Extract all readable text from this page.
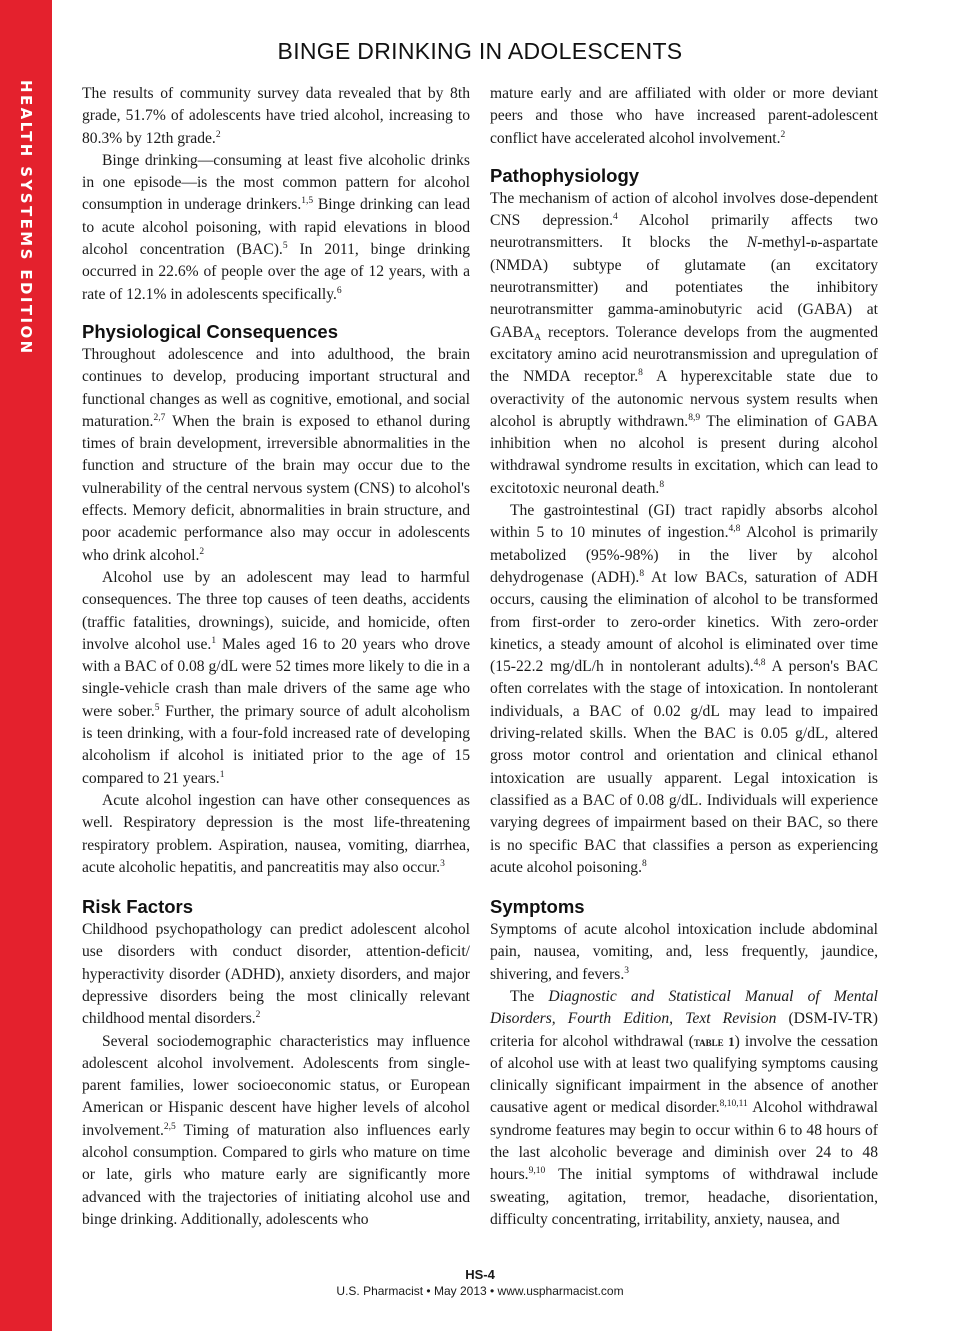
HEALTH SYSTEMS EDITION
BINGE DRINKING IN ADOLESCENTS

The results of community survey data revealed that by 8th grade, 51.7% of adolescents have tried alcohol, increasing to 80.3% by 12th grade.$^2$

Binge drinking—consuming at least five alcoholic drinks in one episode—is the most common pattern for alcohol consumption in underage drinkers.$^{1,5}$ Binge drinking can lead to acute alcohol poisoning, with rapid elevations in blood alcohol concentration (BAC).$^5$ In 2011, binge drinking occurred in 22.6% of people over the age of 12 years, with a rate of 12.1% in adolescents specifically.$^6$

Physiological Consequences

Throughout adolescence and into adulthood, the brain continues to develop, producing important structural and functional changes as well as cognitive, emotional, and social maturation.$^{2,7}$ When the brain is exposed to ethanol during times of brain development, irreversible abnormalities in the function and structure of the brain may occur due to the vulnerability of the central nervous system (CNS) to alcohol's effects. Memory deficit, abnormalities in brain structure, and poor academic performance also may occur in adolescents who drink alcohol.$^2$

Alcohol use by an adolescent may lead to harmful consequences. The three top causes of teen deaths, accidents (traffic fatalities, drownings), suicide, and homicide, often involve alcohol use.$^1$ Males aged 16 to 20 years who drove with a BAC of 0.08 g/dL were 52 times more likely to die in a single-vehicle crash than male drivers of the same age who were sober.$^5$ Further, the primary source of adult alcoholism is teen drinking, with a four-fold increased rate of developing alcoholism if alcohol is initiated prior to the age of 15 compared to 21 years.$^1$

Acute alcohol ingestion can have other consequences as well. Respiratory depression is the most life-threatening respiratory problem. Aspiration, nausea, vomiting, diarrhea, acute alcoholic hepatitis, and pancreatitis may also occur.$^3$

Risk Factors

Childhood psychopathology can predict adolescent alcohol use disorders with conduct disorder, attention-deficit/ hyperactivity disorder (ADHD), anxiety disorders, and major depressive disorders being the most clinically relevant childhood mental disorders.$^2$

Several sociodemographic characteristics may influence adolescent alcohol involvement. Adolescents from single-parent families, lower socioeconomic status, or European American or Hispanic descent have higher levels of alcohol involvement.$^{2,5}$ Timing of maturation also influences early alcohol consumption. Compared to girls who mature on time or late, girls who mature early are significantly more advanced with the trajectories of initiating alcohol use and binge drinking. Additionally, adolescents who

mature early and are affiliated with older or more deviant peers and those who have increased parent-adolescent conflict have accelerated alcohol involvement.$^2$

Pathophysiology

The mechanism of action of alcohol involves dose-dependent CNS depression.$^4$ Alcohol primarily affects two neurotransmitters. It blocks the N-methyl-d-aspartate (NMDA) subtype of glutamate (an excitatory neurotransmitter) and potentiates the inhibitory neurotransmitter gamma-aminobutyric acid (GABA) at $GABA_A$ receptors. Tolerance develops from the augmented excitatory amino acid neurotransmission and upregulation of the NMDA receptor.$^8$ A hyperexcitable state due to overactivity of the autonomic nervous system results when alcohol is abruptly withdrawn.$^{8,9}$ The elimination of GABA inhibition when no alcohol is present during alcohol withdrawal syndrome results in excitation, which can lead to excitotoxic neuronal death.$^8$

The gastrointestinal (GI) tract rapidly absorbs alcohol within 5 to 10 minutes of ingestion.$^{4,8}$ Alcohol is primarily metabolized (95%-98%) in the liver by alcohol dehydrogenase (ADH).$^8$ At low BACs, saturation of ADH occurs, causing the elimination of alcohol to be transformed from first-order to zero-order kinetics. With zero-order kinetics, a steady amount of alcohol is eliminated over time (15-22.2 mg/dL/h in nontolerant adults).$^{4,8}$ A person's BAC often correlates with the stage of intoxication. In nontolerant individuals, a BAC of 0.02 g/dL may lead to impaired driving-related skills. When the BAC is 0.05 g/dL, altered gross motor control and orientation and clinical ethanol intoxication are usually apparent. Legal intoxication is classified as a BAC of 0.08 g/dL. Individuals will experience varying degrees of impairment based on their BAC, so there is no specific BAC that classifies a person as experiencing acute alcohol poisoning.$^8$

Symptoms

Symptoms of acute alcohol intoxication include abdominal pain, nausea, vomiting, and, less frequently, jaundice, shivering, and fevers.$^3$

The Diagnostic and Statistical Manual of Mental Disorders, Fourth Edition, Text Revision (DSM-IV-TR) criteria for alcohol withdrawal (table 1) involve the cessation of alcohol use with at least two qualifying symptoms causing clinically significant impairment in the absence of another causative agent or medical disorder.$^{8,10,11}$ Alcohol withdrawal syndrome features may begin to occur within 6 to 48 hours of the last alcoholic beverage and diminish over 24 to 48 hours.$^{9,10}$ The initial symptoms of withdrawal include sweating, agitation, tremor, headache, disorientation, difficulty concentrating, irritability, anxiety, nausea, and

HS-4
U.S. Pharmacist • May 2013 • www.uspharmacist.com
